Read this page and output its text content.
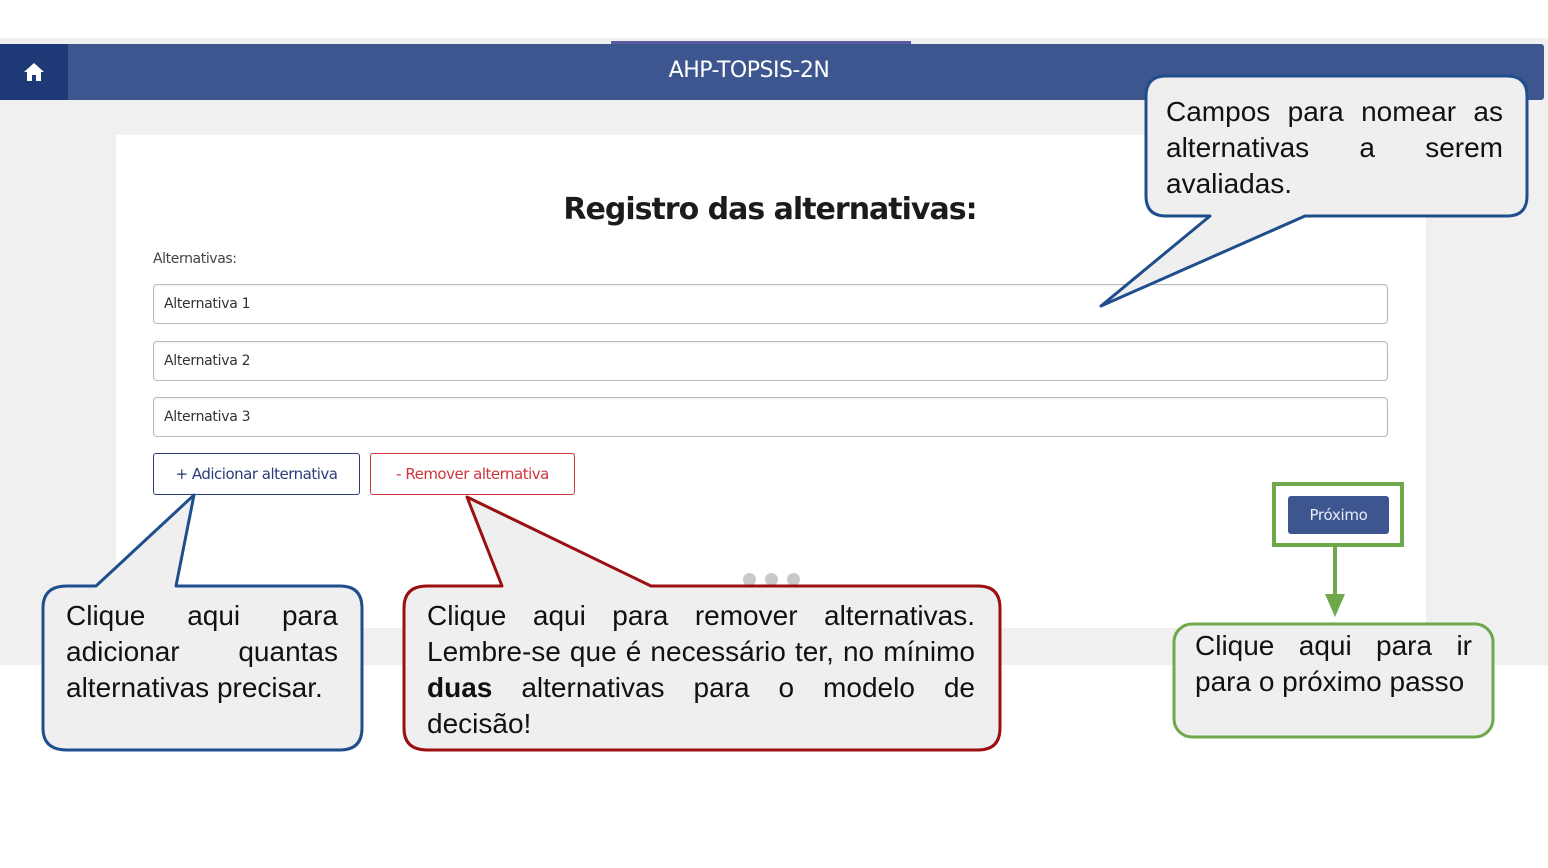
AHP-TOPSIS-2N
Registro das alternativas:
Alternativas:
Alternativa 1
Alternativa 2
Alternativa 3
+ Adicionar alternativa	- Remover alternativa
Próximo
Campos para nomear as alternativas a serem avaliadas.
Clique aqui para adicionar quantas alternativas precisar.
Clique aqui para remover alternativas. Lembre-se que é necessário ter, no mínimo duas alternativas para o modelo de decisão!
Clique aqui para ir para o próximo passo
